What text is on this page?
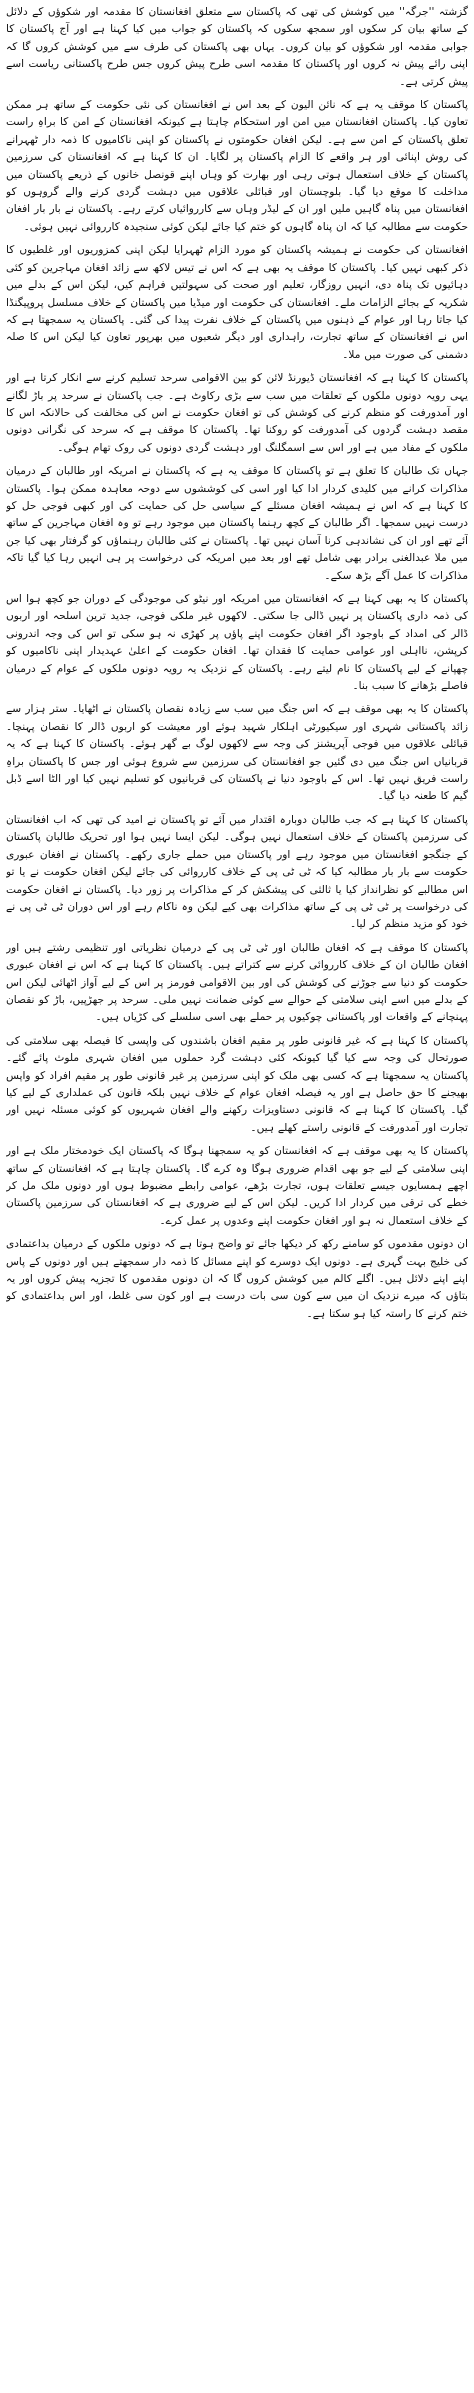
گزشتہ ''جرگہ'' میں کوشش کی تھی کہ پاکستان سے متعلق افغانستان کا مقدمہ اور شکوؤں کے دلائل کے ساتھ بیان کر سکوں اور سمجھ سکوں کہ پاکستان کو جواب میں کیا کہنا ہے اور آج پاکستان کا جوابی مقدمہ اور شکوؤں کو بیان کروں۔ یہاں بھی پاکستان کی طرف سے میں کوشش کروں گا کہ اپنی رائے پیش نہ کروں اور پاکستان کا مقدمہ اسی طرح پیش کروں جس طرح پاکستانی ریاست اسے پیش کرتی ہے۔

پاکستان کا موقف یہ ہے کہ نائن الیون کے بعد اس نے افغانستان کی نئی حکومت کے ساتھ ہر ممکن تعاون کیا۔ پاکستان افغانستان میں امن اور استحکام چاہتا ہے کیونکہ افغانستان کے امن کا براہِ راست تعلق پاکستان کے امن سے ہے۔ لیکن افغان حکومتوں نے پاکستان کو اپنی ناکامیوں کا ذمہ دار ٹھہرانے کی روش اپنائی اور ہر واقعے کا الزام پاکستان پر لگایا۔ ان کا کہنا ہے کہ افغانستان کی سرزمین پاکستان کے خلاف استعمال ہوتی رہی اور بھارت کو وہاں اپنے قونصل خانوں کے ذریعے پاکستان میں مداخلت کا موقع دیا گیا۔ بلوچستان اور قبائلی علاقوں میں دہشت گردی کرنے والے گروہوں کو افغانستان میں پناہ گاہیں ملیں اور ان کے لیڈر وہاں سے کارروائیاں کرتے رہے۔ پاکستان نے بار بار افغان حکومت سے مطالبہ کیا کہ ان پناہ گاہوں کو ختم کیا جائے لیکن کوئی سنجیدہ کارروائی نہیں ہوئی۔

افغانستان کی حکومت نے ہمیشہ پاکستان کو مورد الزام ٹھہرایا لیکن اپنی کمزوریوں اور غلطیوں کا ذکر کبھی نہیں کیا۔ پاکستان کا موقف یہ بھی ہے کہ اس نے تیس لاکھ سے زائد افغان مہاجرین کو کئی دہائیوں تک پناہ دی، انہیں روزگار، تعلیم اور صحت کی سہولتیں فراہم کیں، لیکن اس کے بدلے میں شکریہ کے بجائے الزامات ملے۔ افغانستان کی حکومت اور میڈیا میں پاکستان کے خلاف مسلسل پروپیگنڈا کیا جاتا رہا اور عوام کے ذہنوں میں پاکستان کے خلاف نفرت پیدا کی گئی۔ پاکستان یہ سمجھتا ہے کہ اس نے افغانستان کے ساتھ تجارت، راہداری اور دیگر شعبوں میں بھرپور تعاون کیا لیکن اس کا صلہ دشمنی کی صورت میں ملا۔

پاکستان کا کہنا ہے کہ افغانستان ڈیورنڈ لائن کو بین الاقوامی سرحد تسلیم کرنے سے انکار کرتا ہے اور یہی رویہ دونوں ملکوں کے تعلقات میں سب سے بڑی رکاوٹ ہے۔ جب پاکستان نے سرحد پر باڑ لگانے اور آمدورفت کو منظم کرنے کی کوشش کی تو افغان حکومت نے اس کی مخالفت کی حالانکہ اس کا مقصد دہشت گردوں کی آمدورفت کو روکنا تھا۔ پاکستان کا موقف ہے کہ سرحد کی نگرانی دونوں ملکوں کے مفاد میں ہے اور اس سے اسمگلنگ اور دہشت گردی دونوں کی روک تھام ہوگی۔

جہاں تک طالبان کا تعلق ہے تو پاکستان کا موقف یہ ہے کہ پاکستان نے امریکہ اور طالبان کے درمیان مذاکرات کرانے میں کلیدی کردار ادا کیا اور اسی کی کوششوں سے دوحہ معاہدہ ممکن ہوا۔ پاکستان کا کہنا ہے کہ اس نے ہمیشہ افغان مسئلے کے سیاسی حل کی حمایت کی اور کبھی فوجی حل کو درست نہیں سمجھا۔ اگر طالبان کے کچھ رہنما پاکستان میں موجود رہے تو وہ افغان مہاجرین کے ساتھ آئے تھے اور ان کی نشاندہی کرنا آسان نہیں تھا۔ پاکستان نے کئی طالبان رہنماؤں کو گرفتار بھی کیا جن میں ملا عبدالغنی برادر بھی شامل تھے اور بعد میں امریکہ کی درخواست پر ہی انہیں رہا کیا گیا تاکہ مذاکرات کا عمل آگے بڑھ سکے۔

پاکستان کا یہ بھی کہنا ہے کہ افغانستان میں امریکہ اور نیٹو کی موجودگی کے دوران جو کچھ ہوا اس کی ذمہ داری پاکستان پر نہیں ڈالی جا سکتی۔ لاکھوں غیر ملکی فوجی، جدید ترین اسلحہ اور اربوں ڈالر کی امداد کے باوجود اگر افغان حکومت اپنے پاؤں پر کھڑی نہ ہو سکی تو اس کی وجہ اندرونی کرپشن، نااہلی اور عوامی حمایت کا فقدان تھا۔ افغان حکومت کے اعلیٰ عہدیدار اپنی ناکامیوں کو چھپانے کے لیے پاکستان کا نام لیتے رہے۔ پاکستان کے نزدیک یہ رویہ دونوں ملکوں کے عوام کے درمیان فاصلے بڑھانے کا سبب بنا۔

پاکستان کا یہ بھی موقف ہے کہ اس جنگ میں سب سے زیادہ نقصان پاکستان نے اٹھایا۔ ستر ہزار سے زائد پاکستانی شہری اور سیکیورٹی اہلکار شہید ہوئے اور معیشت کو اربوں ڈالر کا نقصان پہنچا۔ قبائلی علاقوں میں فوجی آپریشنز کی وجہ سے لاکھوں لوگ بے گھر ہوئے۔ پاکستان کا کہنا ہے کہ یہ قربانیاں اس جنگ میں دی گئیں جو افغانستان کی سرزمین سے شروع ہوئی اور جس کا پاکستان براہِ راست فریق نہیں تھا۔ اس کے باوجود دنیا نے پاکستان کی قربانیوں کو تسلیم نہیں کیا اور الٹا اسے ڈبل گیم کا طعنہ دیا گیا۔

پاکستان کا کہنا ہے کہ جب طالبان دوبارہ اقتدار میں آئے تو پاکستان نے امید کی تھی کہ اب افغانستان کی سرزمین پاکستان کے خلاف استعمال نہیں ہوگی۔ لیکن ایسا نہیں ہوا اور تحریک طالبان پاکستان کے جنگجو افغانستان میں موجود رہے اور پاکستان میں حملے جاری رکھے۔ پاکستان نے افغان عبوری حکومت سے بار بار مطالبہ کیا کہ ٹی ٹی پی کے خلاف کارروائی کی جائے لیکن افغان حکومت نے یا تو اس مطالبے کو نظرانداز کیا یا ثالثی کی پیشکش کر کے مذاکرات پر زور دیا۔ پاکستان نے افغان حکومت کی درخواست پر ٹی ٹی پی کے ساتھ مذاکرات بھی کیے لیکن وہ ناکام رہے اور اس دوران ٹی ٹی پی نے خود کو مزید منظم کر لیا۔

پاکستان کا موقف ہے کہ افغان طالبان اور ٹی ٹی پی کے درمیان نظریاتی اور تنظیمی رشتے ہیں اور افغان طالبان ان کے خلاف کارروائی کرنے سے کتراتے ہیں۔ پاکستان کا کہنا ہے کہ اس نے افغان عبوری حکومت کو دنیا سے جوڑنے کی کوشش کی اور بین الاقوامی فورمز پر اس کے لیے آواز اٹھائی لیکن اس کے بدلے میں اسے اپنی سلامتی کے حوالے سے کوئی ضمانت نہیں ملی۔ سرحد پر جھڑپیں، باڑ کو نقصان پہنچانے کے واقعات اور پاکستانی چوکیوں پر حملے بھی اسی سلسلے کی کڑیاں ہیں۔

پاکستان کا کہنا ہے کہ غیر قانونی طور پر مقیم افغان باشندوں کی واپسی کا فیصلہ بھی سلامتی کی صورتحال کی وجہ سے کیا گیا کیونکہ کئی دہشت گرد حملوں میں افغان شہری ملوث پائے گئے۔ پاکستان یہ سمجھتا ہے کہ کسی بھی ملک کو اپنی سرزمین پر غیر قانونی طور پر مقیم افراد کو واپس بھیجنے کا حق حاصل ہے اور یہ فیصلہ افغان عوام کے خلاف نہیں بلکہ قانون کی عملداری کے لیے کیا گیا۔ پاکستان کا کہنا ہے کہ قانونی دستاویزات رکھنے والے افغان شہریوں کو کوئی مسئلہ نہیں اور تجارت اور آمدورفت کے قانونی راستے کھلے ہیں۔

پاکستان کا یہ بھی موقف ہے کہ افغانستان کو یہ سمجھنا ہوگا کہ پاکستان ایک خودمختار ملک ہے اور اپنی سلامتی کے لیے جو بھی اقدام ضروری ہوگا وہ کرے گا۔ پاکستان چاہتا ہے کہ افغانستان کے ساتھ اچھے ہمسایوں جیسے تعلقات ہوں، تجارت بڑھے، عوامی رابطے مضبوط ہوں اور دونوں ملک مل کر خطے کی ترقی میں کردار ادا کریں۔ لیکن اس کے لیے ضروری ہے کہ افغانستان کی سرزمین پاکستان کے خلاف استعمال نہ ہو اور افغان حکومت اپنے وعدوں پر عمل کرے۔

ان دونوں مقدموں کو سامنے رکھ کر دیکھا جائے تو واضح ہوتا ہے کہ دونوں ملکوں کے درمیان بداعتمادی کی خلیج بہت گہری ہے۔ دونوں ایک دوسرے کو اپنے مسائل کا ذمہ دار سمجھتے ہیں اور دونوں کے پاس اپنے اپنے دلائل ہیں۔ اگلے کالم میں کوشش کروں گا کہ ان دونوں مقدموں کا تجزیہ پیش کروں اور یہ بتاؤں کہ میرے نزدیک ان میں سے کون سی بات درست ہے اور کون سی غلط، اور اس بداعتمادی کو ختم کرنے کا راستہ کیا ہو سکتا ہے۔
